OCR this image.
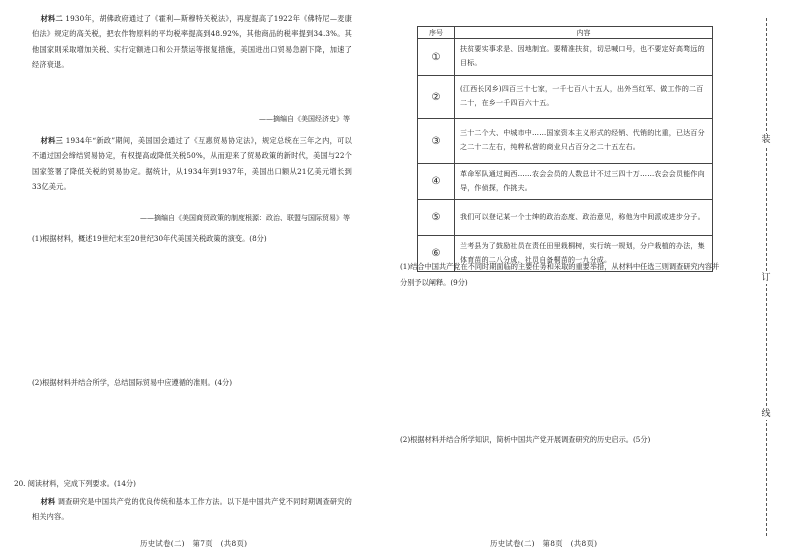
材料二 1930年，胡佛政府通过了《霍利—斯穆特关税法》，再度提高了1922年《佛特尼—麦康伯法》规定的高关税，把农作物原料的平均税率提高到48.92%，其他商品的税率提到34.3%。其他国家則采取增加关税、实行定额进口和公开禁运等报复措施，美国进出口贸易急剧下降，加速了经济衰退。
——摘编自《美国经济史》等
材料三 1934年“新政”期间，美国国会通过了《互惠贸易协定法》，规定总统在三年之内，可以不通过国会缔结贸易协定，有权提高或降低关税50%，从而迎来了贸易政策的新时代，美国与22个国家签署了降低关税的贸易协定。据统计，从1934年到1937年，美国出口额从21亿美元增长到33亿美元。
——摘编自《美国商贸政策的制度根源：政治、联盟与国际贸易》等
(1)根据材料，概述19世纪末至20世纪30年代美国关税政策的演变。(8分)
(2)根据材料并结合所学，总结国际贸易中应遵循的准则。(4分)
20. 阅读材料，完成下列要求。(14分)
材料 调查研究是中国共产党的优良传统和基本工作方法。以下是中国共产党不同时期调查研究的相关内容。
历史试卷(二)　第7页　(共8页)
序号	内容
①	扶贫要实事求是、因地制宜。要精准扶贫，切忌喊口号，也不要定好高骛远的目标。
②	(江西长冈乡)四百三十七家，一千七百八十五人，出外当红军、做工作的二百二十，在乡一千四百六十五。
③	三十二个大、中城市中……国家资本主义形式的经销、代销的比重，已达百分之二十二左右，纯粹私营的商业只占百分之二十五左右。
④	革命军队通过闽西……农会会员的人数总计不过三四十万……农会会员能作向导，作侦探，作挑夫。
⑤	我们可以登记某一个士绅的政治态度、政治意见，称他为中间派或进步分子。
⑥	兰考县为了鼓励社员在责任田里栽桐树，实行统一规划，分户栽植的办法，集体育苗的二八分成，社员自备桐苗的一九分成。
(1)结合中国共产党在不同时期面临的主要任务和采取的重要举措，从材料中任选三则调查研究内容并分别予以阐释。(9分)
(2)根据材料并结合所学知识，简析中国共产党开展调查研究的历史启示。(5分)
历史试卷(二)　第8页　(共8页)
装
订
线
